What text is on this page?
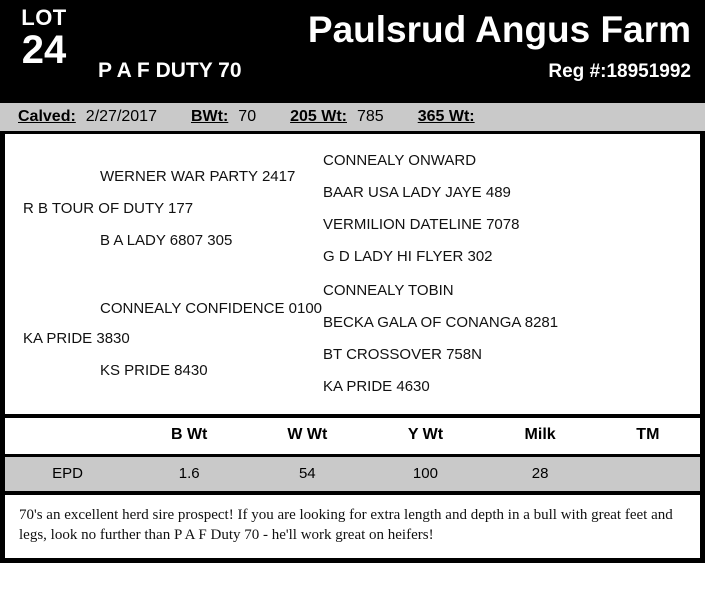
LOT
24	Paulsrud Angus Farm
P A F DUTY 70	Reg #:18951992
Calved: 2/27/2017 BWt: 70 205 Wt: 785 365 Wt:
R B TOUR OF DUTY 177
WERNER WAR PARTY 2417
B A LADY 6807 305
CONNEALY ONWARD
BAAR USA LADY JAYE 489
VERMILION DATELINE 7078
G D LADY HI FLYER 302
KA PRIDE 3830
CONNEALY CONFIDENCE 0100
KS PRIDE 8430
CONNEALY TOBIN
BECKA GALA OF CONANGA 8281
BT CROSSOVER 758N
KA PRIDE 4630
	B Wt	W Wt	Y Wt	Milk	TM
EPD	1.6	54	100	28	
70's an excellent herd sire prospect! If you are looking for extra length and depth in a bull with great feet and legs, look no further than P A F Duty 70 - he'll work great on heifers!
